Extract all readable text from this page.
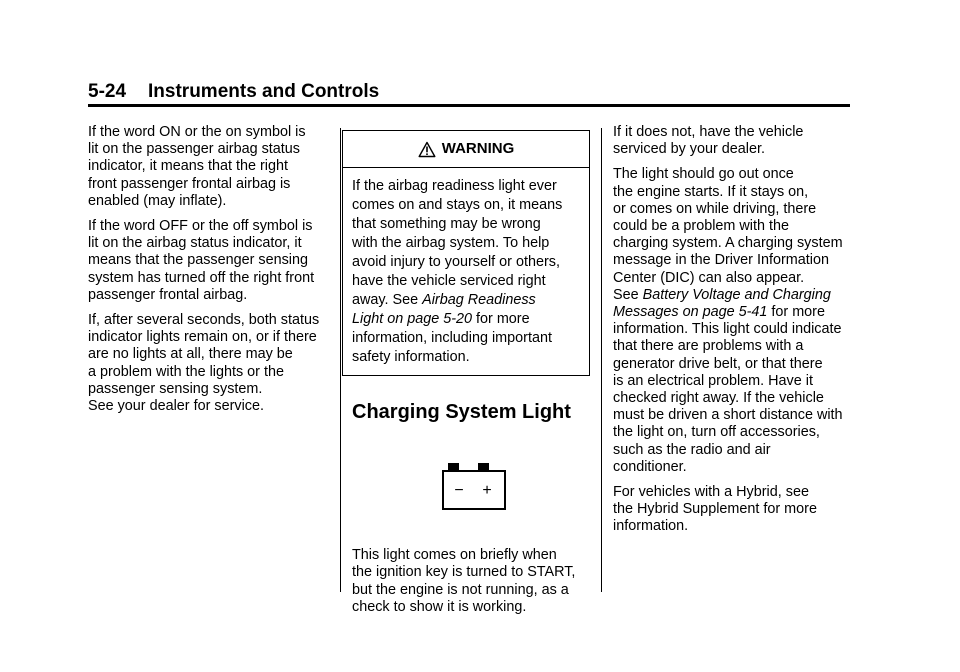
5-24 Instruments and Controls

If the word ON or the on symbol is
lit on the passenger airbag status
indicator, it means that the right
front passenger frontal airbag is
enabled (may inflate).

If the word OFF or the off symbol is
lit on the airbag status indicator, it
means that the passenger sensing
system has turned off the right front
passenger frontal airbag.

If, after several seconds, both status
indicator lights remain on, or if there
are no lights at all, there may be
a problem with the lights or the
passenger sensing system.
See your dealer for service.

WARNING

If the airbag readiness light ever
comes on and stays on, it means
that something may be wrong
with the airbag system. To help
avoid injury to yourself or others,
have the vehicle serviced right
away. See Airbag Readiness
Light on page 5-20 for more
information, including important
safety information.

Charging System Light
− +

This light comes on briefly when
the ignition key is turned to START,
but the engine is not running, as a
check to show it is working.

If it does not, have the vehicle
serviced by your dealer.

The light should go out once
the engine starts. If it stays on,
or comes on while driving, there
could be a problem with the
charging system. A charging system
message in the Driver Information
Center (DIC) can also appear.
See Battery Voltage and Charging
Messages on page 5-41 for more
information. This light could indicate
that there are problems with a
generator drive belt, or that there
is an electrical problem. Have it
checked right away. If the vehicle
must be driven a short distance with
the light on, turn off accessories,
such as the radio and air
conditioner.

For vehicles with a Hybrid, see
the Hybrid Supplement for more
information.
